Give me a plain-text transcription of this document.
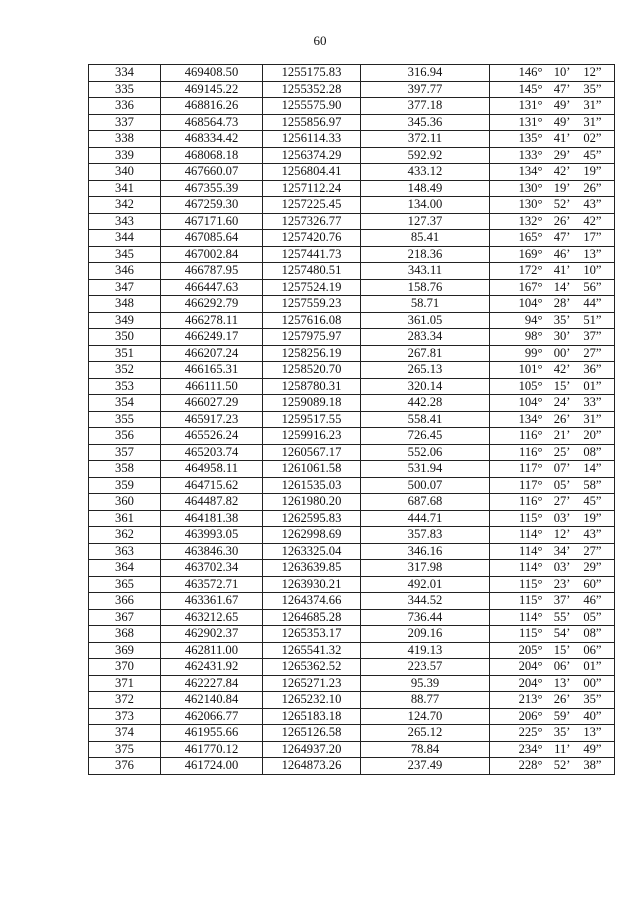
60
334	469408.50	1255175.83	316.94	146° 10’ 12”
335	469145.22	1255352.28	397.77	145° 47’ 35”
336	468816.26	1255575.90	377.18	131° 49’ 31”
337	468564.73	1255856.97	345.36	131° 49’ 31”
338	468334.42	1256114.33	372.11	135° 41’ 02”
339	468068.18	1256374.29	592.92	133° 29’ 45”
340	467660.07	1256804.41	433.12	134° 42’ 19”
341	467355.39	1257112.24	148.49	130° 19’ 26”
342	467259.30	1257225.45	134.00	130° 52’ 43”
343	467171.60	1257326.77	127.37	132° 26’ 42”
344	467085.64	1257420.76	85.41	165° 47’ 17”
345	467002.84	1257441.73	218.36	169° 46’ 13”
346	466787.95	1257480.51	343.11	172° 41’ 10”
347	466447.63	1257524.19	158.76	167° 14’ 56”
348	466292.79	1257559.23	58.71	104° 28’ 44”
349	466278.11	1257616.08	361.05	94° 35’ 51”
350	466249.17	1257975.97	283.34	98° 30’ 37”
351	466207.24	1258256.19	267.81	99° 00’ 27”
352	466165.31	1258520.70	265.13	101° 42’ 36”
353	466111.50	1258780.31	320.14	105° 15’ 01”
354	466027.29	1259089.18	442.28	104° 24’ 33”
355	465917.23	1259517.55	558.41	134° 26’ 31”
356	465526.24	1259916.23	726.45	116° 21’ 20”
357	465203.74	1260567.17	552.06	116° 25’ 08”
358	464958.11	1261061.58	531.94	117° 07’ 14”
359	464715.62	1261535.03	500.07	117° 05’ 58”
360	464487.82	1261980.20	687.68	116° 27’ 45”
361	464181.38	1262595.83	444.71	115° 03’ 19”
362	463993.05	1262998.69	357.83	114° 12’ 43”
363	463846.30	1263325.04	346.16	114° 34’ 27”
364	463702.34	1263639.85	317.98	114° 03’ 29”
365	463572.71	1263930.21	492.01	115° 23’ 60”
366	463361.67	1264374.66	344.52	115° 37’ 46”
367	463212.65	1264685.28	736.44	114° 55’ 05”
368	462902.37	1265353.17	209.16	115° 54’ 08”
369	462811.00	1265541.32	419.13	205° 15’ 06”
370	462431.92	1265362.52	223.57	204° 06’ 01”
371	462227.84	1265271.23	95.39	204° 13’ 00”
372	462140.84	1265232.10	88.77	213° 26’ 35”
373	462066.77	1265183.18	124.70	206° 59’ 40”
374	461955.66	1265126.58	265.12	225° 35’ 13”
375	461770.12	1264937.20	78.84	234° 11’ 49”
376	461724.00	1264873.26	237.49	228° 52’ 38”
